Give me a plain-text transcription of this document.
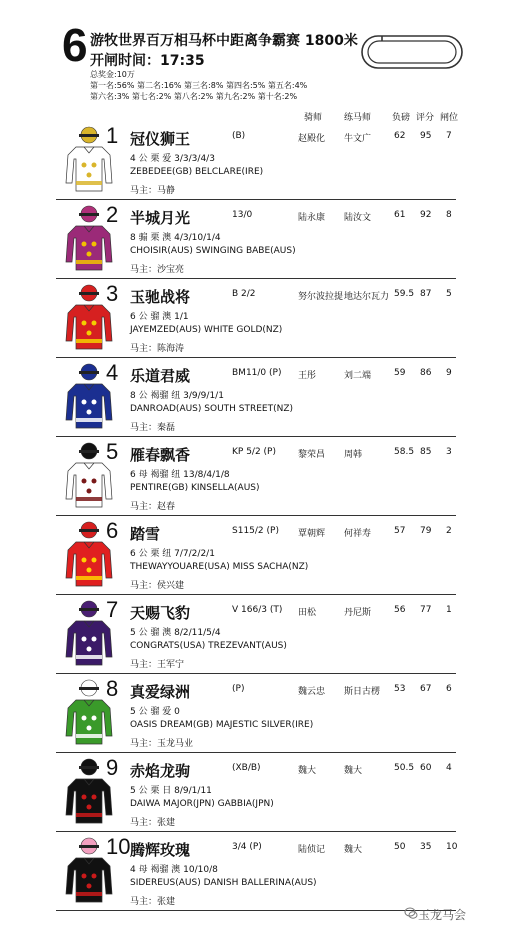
6 游牧世界百万相马杯中距离争霸赛 1800米
开闸时间：17:35
总奖金:10万
第一名:56% 第二名:16% 第三名:8% 第四名:5% 第五名:4%
第六名:3% 第七名:2% 第八名:2% 第九名:2% 第十名:2%
骑师 练马师 负磅 评分 闸位
1 冠仪狮王	(B)	赵殿化 牛文广	62 95 7
4 公 栗 爱 3/3/3/4/3
ZEBEDEE(GB) BELCLARE(IRE)
马主：马静
2 半城月光	13/0	陆永康 陆汝文	61 92 8
8 骟 栗 澳 4/3/10/1/4
CHOISIR(AUS) SWINGING BABE(AUS)
马主：沙宝亮
3 玉驰战将	B 2/2	努尔波拉提 地达尔瓦力 59.5 87 5
6 公 骝 澳 1/1
JAYEMZED(AUS) WHITE GOLD(NZ)
马主：陈海涛
4 乐道君威	BM11/0 (P) 王彤	刘二端	59 86 9
8 公 褐骝 纽 3/9/9/1/1
DANROAD(AUS) SOUTH STREET(NZ)
马主：秦磊
5 雁春飘香	KP 5/2 (P) 黎荣昌 周韩	58.5 85 3
6 母 褐骝 纽 13/8/4/1/8
PENTIRE(GB) KINSELLA(AUS)
马主：赵春
6 踏雪	S115/2 (P) 覃朝辉 何祥寿	57 79 2
6 公 栗 纽 7/7/2/2/1
THEWAYYOUARE(USA) MISS SACHA(NZ)
马主：侯兴建
7 天赐飞豹	V 166/3 (T) 田松	丹尼斯	56 77 1
5 公 骝 澳 8/2/11/5/4
CONGRATS(USA) TREZEVANT(AUS)
马主：王军宁
8 真爱绿洲	(P)	魏云忠 斯日古楞 53 67 6
5 公 骝 爱 0
OASIS DREAM(GB) MAJESTIC SILVER(IRE)
马主：玉龙马业
9 赤焰龙驹	(XB/B)	魏大	魏大	50.5 60 4
5 公 栗 日 8/9/1/11
DAIWA MAJOR(JPN) GABBIA(JPN)
马主：张建
10 腾辉玫瑰	3/4 (P)	陆侦记 魏大	50 35 10
4 母 褐骝 澳 10/10/8
SIDEREUS(AUS) DANISH BALLERINA(AUS)
马主：张建
玉龙马会
